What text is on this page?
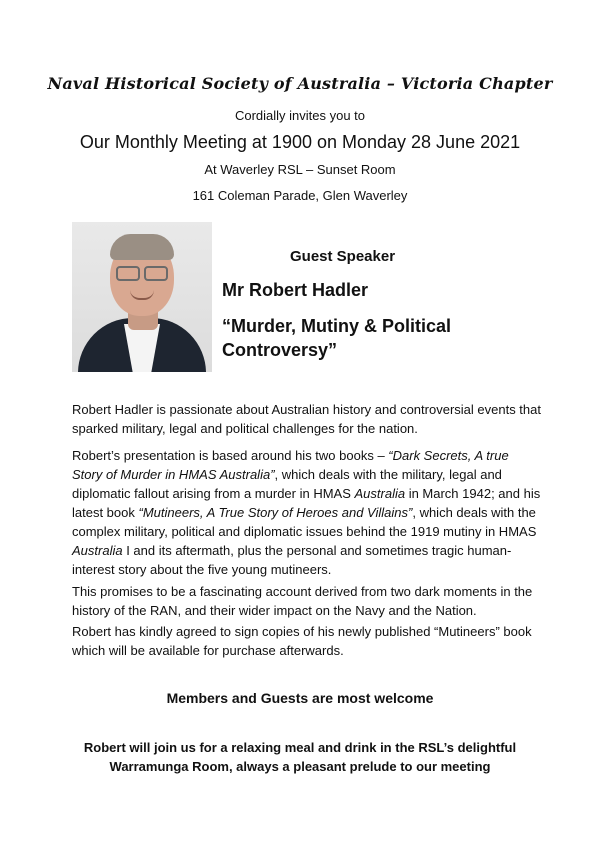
Naval Historical Society of Australia – Victoria Chapter
Cordially invites you to
Our Monthly Meeting at 1900 on Monday 28 June 2021
At Waverley RSL – Sunset Room
161 Coleman Parade, Glen Waverley
Guest Speaker
Mr Robert Hadler
“Murder, Mutiny & Political
Controversy”
Robert Hadler is passionate about Australian history and controversial events that sparked military, legal and political challenges for the nation.
Robert’s presentation is based around his two books – “Dark Secrets, A true Story of Murder in HMAS Australia”, which deals with the military, legal and diplomatic fallout arising from a murder in HMAS Australia in March 1942; and his latest book “Mutineers, A True Story of Heroes and Villains”, which deals with the complex military, political and diplomatic issues behind the 1919 mutiny in HMAS Australia I and its aftermath, plus the personal and sometimes tragic human-interest story about the five young mutineers.
This promises to be a fascinating account derived from two dark moments in the history of the RAN, and their wider impact on the Navy and the Nation.
Robert has kindly agreed to sign copies of his newly published “Mutineers” book which will be available for purchase afterwards.
Members and Guests are most welcome
Robert will join us for a relaxing meal and drink in the RSL’s delightful
Warramunga Room, always a pleasant prelude to our meeting
